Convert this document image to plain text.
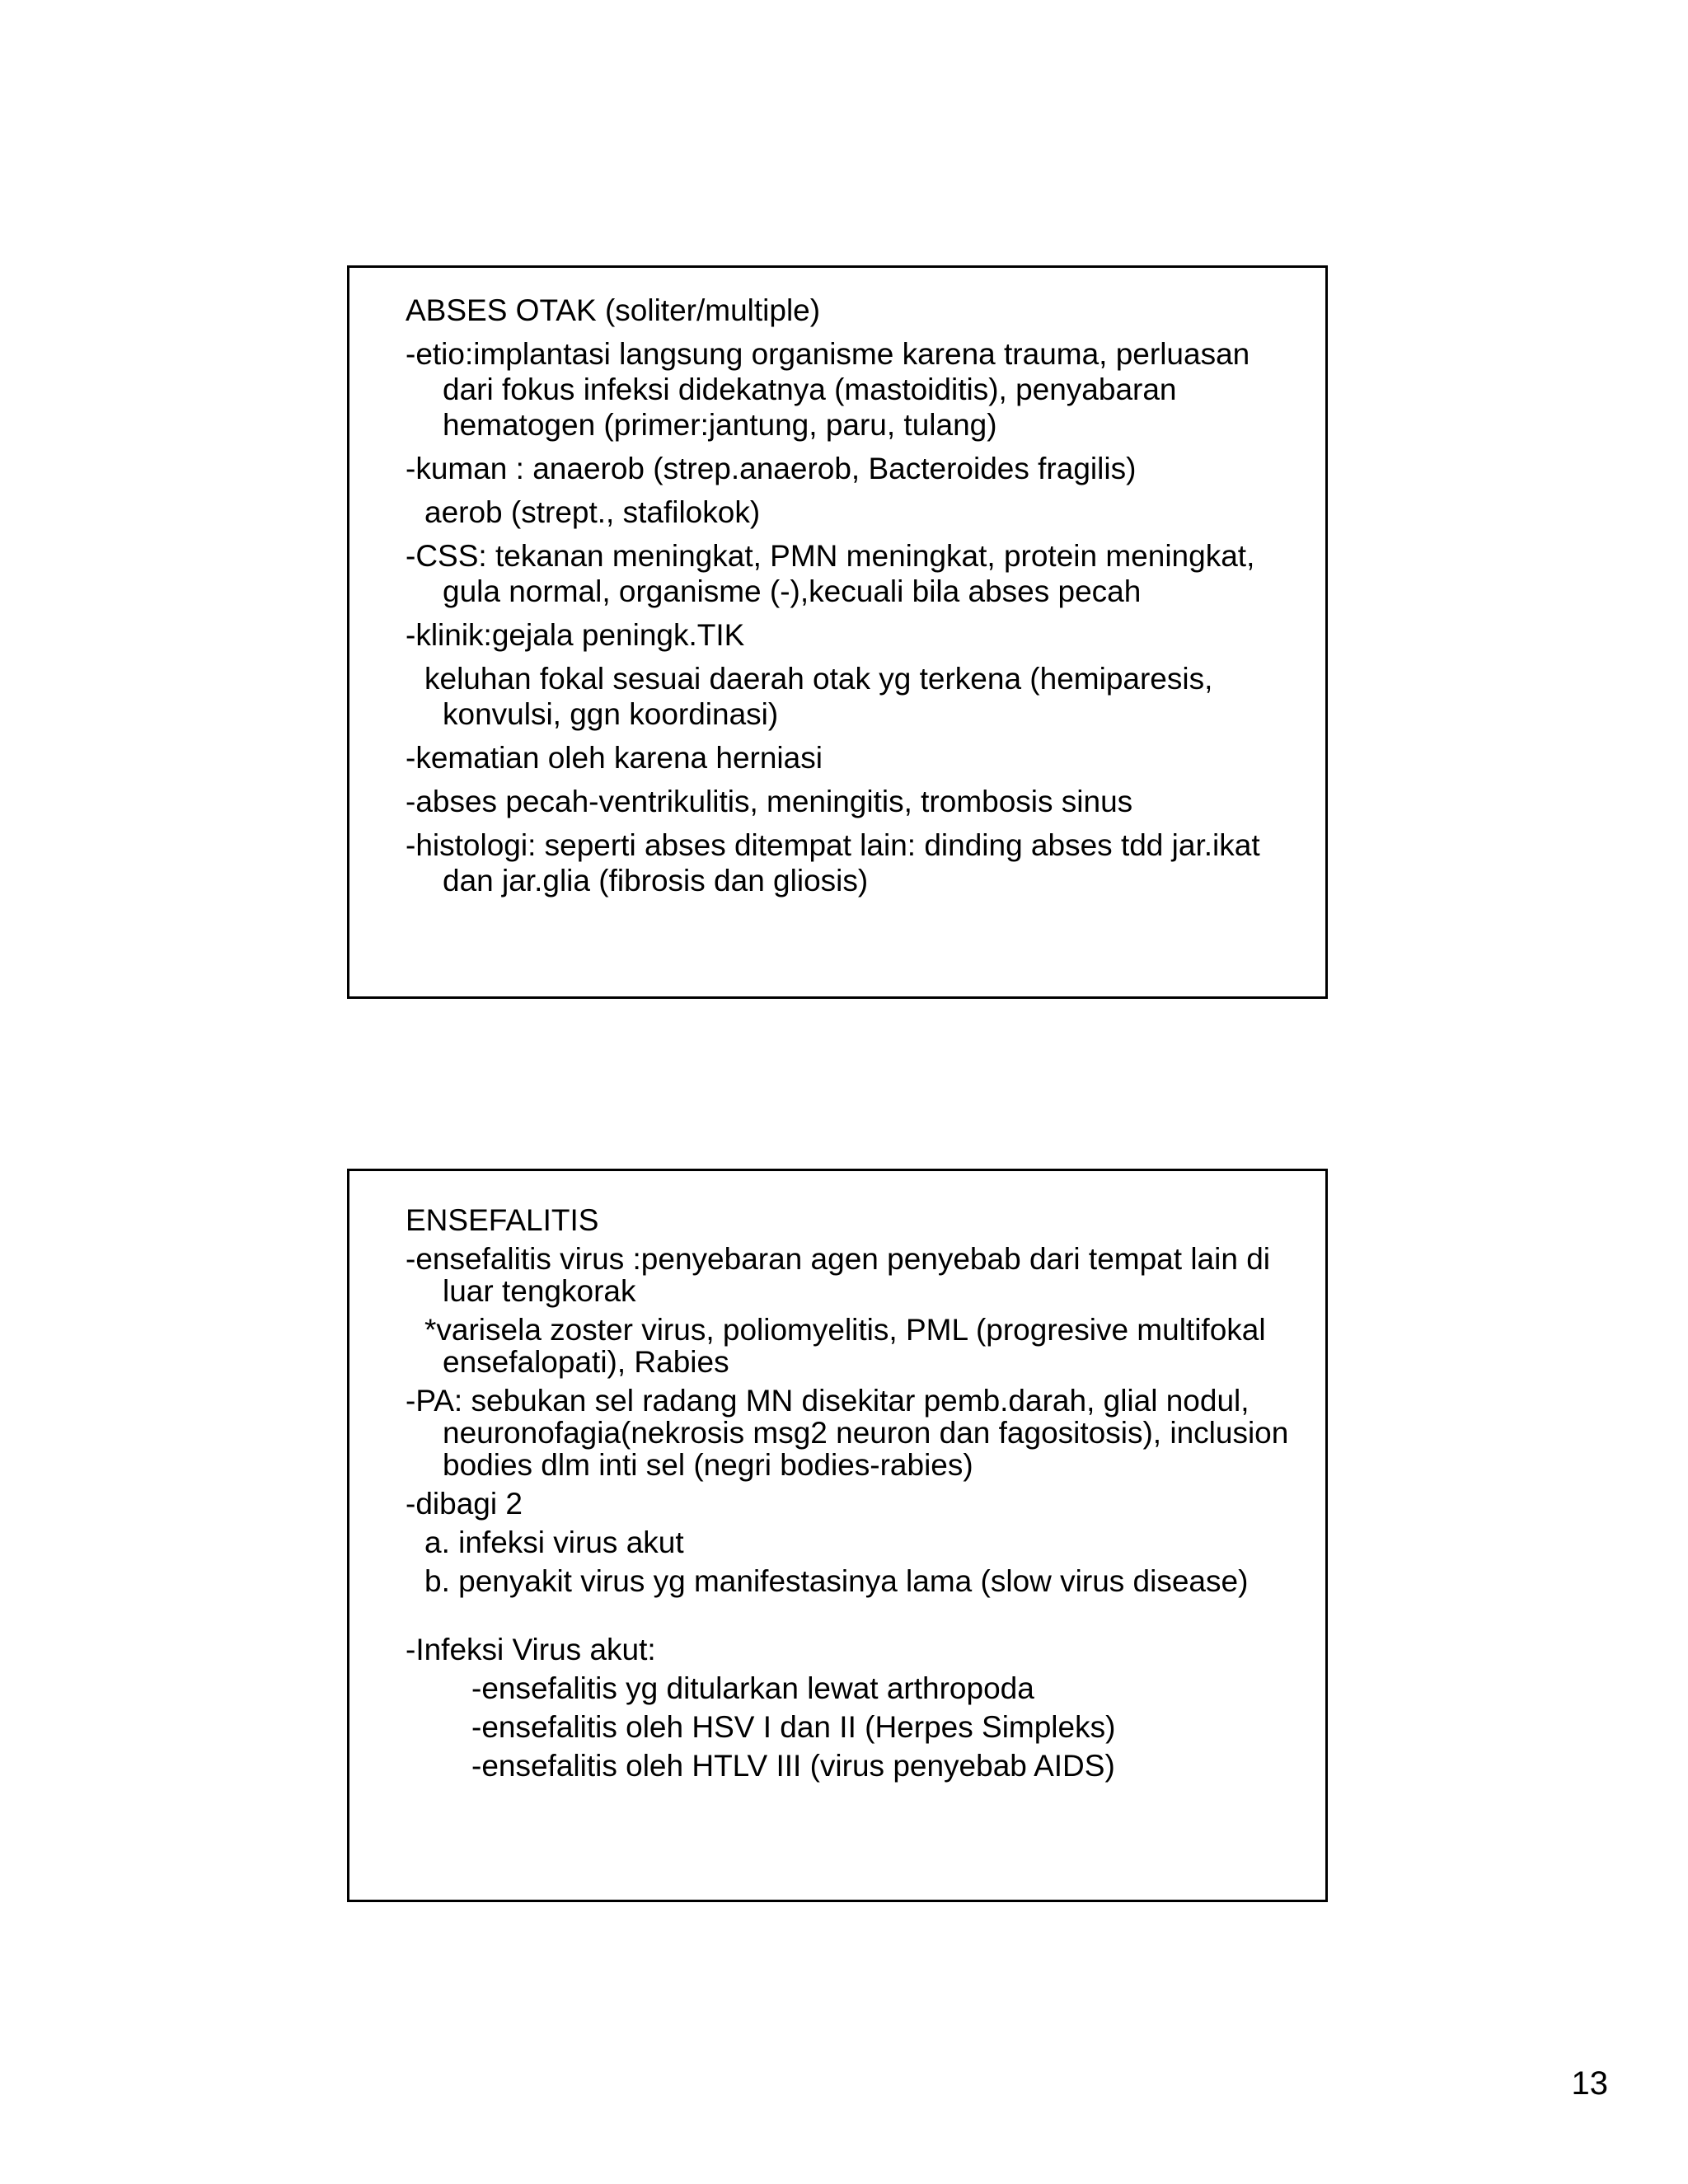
ABSES OTAK (soliter/multiple)
-etio:implantasi langsung organisme karena trauma, perluasan dari fokus infeksi didekatnya (mastoiditis), penyabaran hematogen (primer:jantung, paru, tulang)
-kuman : anaerob (strep.anaerob, Bacteroides fragilis)
aerob (strept., stafilokok)
-CSS: tekanan meningkat, PMN meningkat, protein meningkat, gula normal, organisme (-),kecuali bila abses pecah
-klinik:gejala peningk.TIK
keluhan fokal sesuai daerah otak yg terkena (hemiparesis, konvulsi, ggn koordinasi)
-kematian oleh karena herniasi
-abses pecah-ventrikulitis, meningitis, trombosis sinus
-histologi: seperti abses ditempat lain: dinding abses tdd jar.ikat dan jar.glia (fibrosis dan gliosis)
ENSEFALITIS
-ensefalitis virus :penyebaran agen penyebab dari tempat lain di luar tengkorak
*varisela zoster virus, poliomyelitis, PML (progresive multifokal ensefalopati), Rabies
-PA: sebukan sel radang MN disekitar pemb.darah, glial nodul, neuronofagia(nekrosis msg2 neuron dan fagositosis), inclusion bodies dlm inti sel (negri bodies-rabies)
-dibagi 2
a. infeksi virus akut
b. penyakit virus yg manifestasinya lama (slow virus disease)
-Infeksi Virus akut:
-ensefalitis yg ditularkan lewat arthropoda
-ensefalitis oleh HSV I dan II (Herpes Simpleks)
-ensefalitis oleh HTLV III (virus penyebab AIDS)
13
